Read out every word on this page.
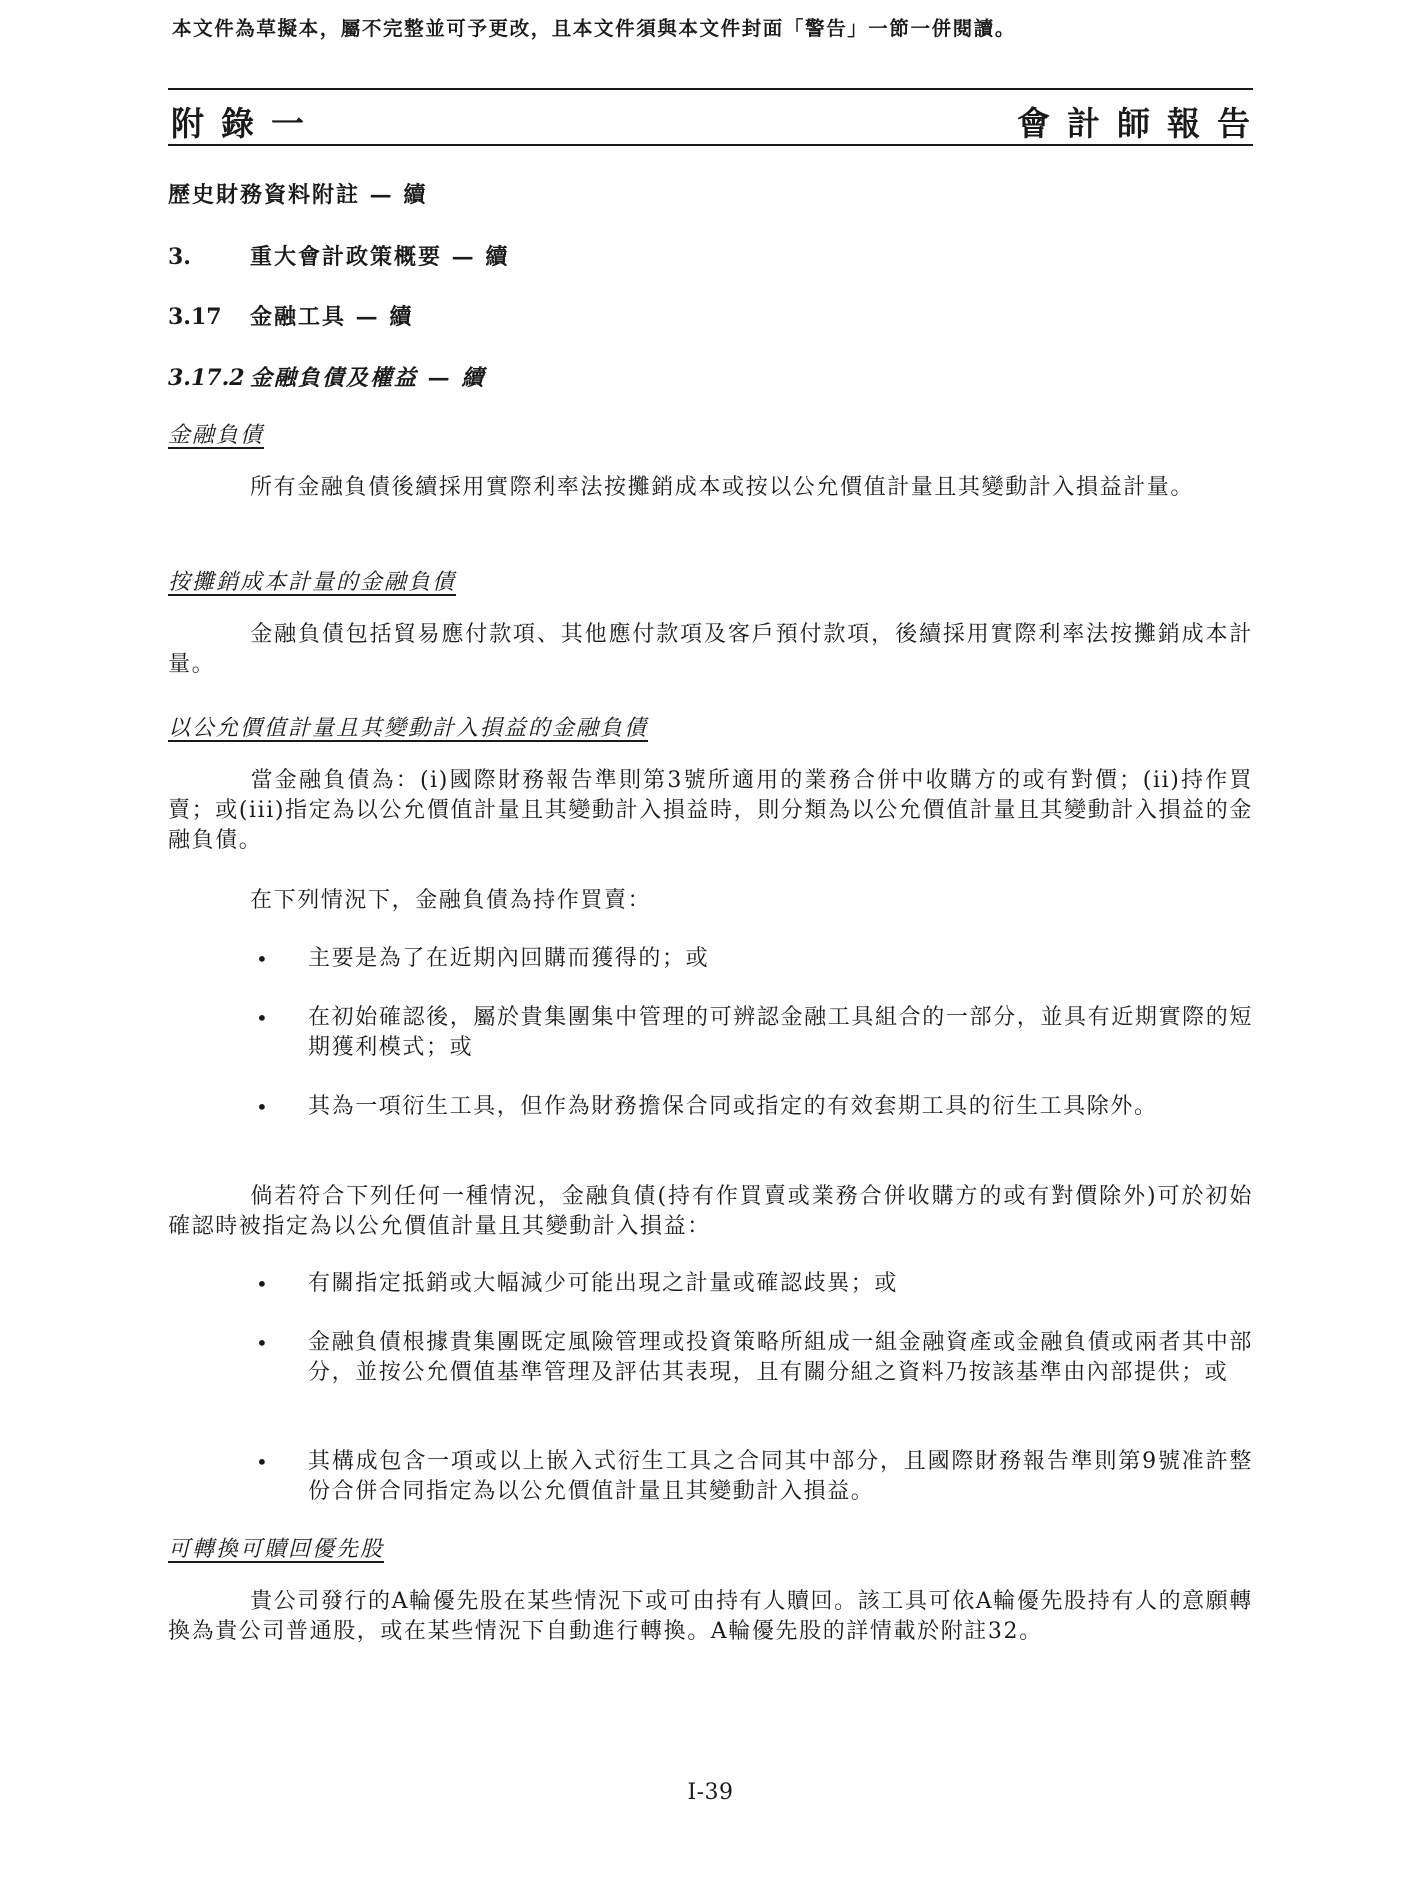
本文件為草擬本，屬不完整並可予更改，且本文件須與本文件封面「警告」一節一併閱讀。
附錄一	會計師報告
歷史財務資料附註 — 續
3.	重大會計政策概要 — 續
3.17 金融工具 — 續
3.17.2 金融負債及權益 — 續
金融負債
所有金融負債後續採用實際利率法按攤銷成本或按以公允價值計量且其變動計入損益計量。
按攤銷成本計量的金融負債
金融負債包括貿易應付款項、其他應付款項及客戶預付款項，後續採用實際利率法按攤銷成本計量。
以公允價值計量且其變動計入損益的金融負債
當金融負債為：(i)國際財務報告準則第3號所適用的業務合併中收購方的或有對價；(ii)持作買賣；或(iii)指定為以公允價值計量且其變動計入損益時，則分類為以公允價值計量且其變動計入損益的金融負債。
在下列情況下，金融負債為持作買賣：
• 主要是為了在近期內回購而獲得的；或
• 在初始確認後，屬於貴集團集中管理的可辨認金融工具組合的一部分，並具有近期實際的短期獲利模式；或
• 其為一項衍生工具，但作為財務擔保合同或指定的有效套期工具的衍生工具除外。
倘若符合下列任何一種情況，金融負債(持有作買賣或業務合併收購方的或有對價除外)可於初始確認時被指定為以公允價值計量且其變動計入損益：
• 有關指定抵銷或大幅減少可能出現之計量或確認歧異；或
• 金融負債根據貴集團既定風險管理或投資策略所組成一組金融資產或金融負債或兩者其中部分，並按公允價值基準管理及評估其表現，且有關分組之資料乃按該基準由內部提供；或
• 其構成包含一項或以上嵌入式衍生工具之合同其中部分，且國際財務報告準則第9號准許整份合併合同指定為以公允價值計量且其變動計入損益。
可轉換可贖回優先股
貴公司發行的A輪優先股在某些情況下或可由持有人贖回。該工具可依A輪優先股持有人的意願轉換為貴公司普通股，或在某些情況下自動進行轉換。A輪優先股的詳情載於附註32。
I-39
